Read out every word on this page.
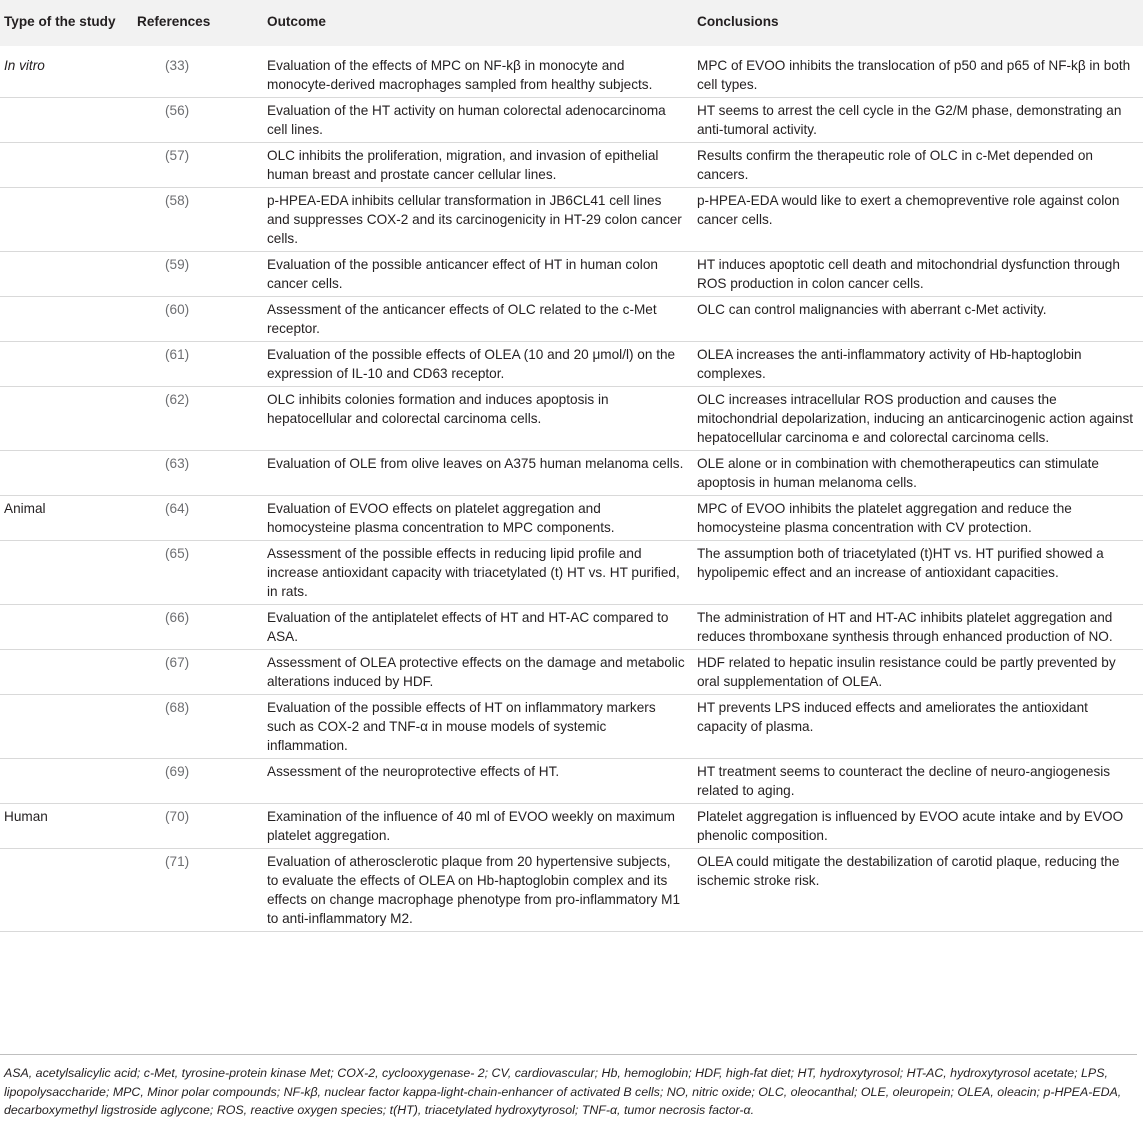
Type of the study	References	Outcome	Conclusions
In vitro	(33)	Evaluation of the effects of MPC on NF-kβ in monocyte and monocyte-derived macrophages sampled from healthy subjects.	MPC of EVOO inhibits the translocation of p50 and p65 of NF-kβ in both cell types.
	(56)	Evaluation of the HT activity on human colorectal adenocarcinoma cell lines.	HT seems to arrest the cell cycle in the G2/M phase, demonstrating an anti-tumoral activity.
	(57)	OLC inhibits the proliferation, migration, and invasion of epithelial human breast and prostate cancer cellular lines.	Results confirm the therapeutic role of OLC in c-Met depended on cancers.
	(58)	p-HPEA-EDA inhibits cellular transformation in JB6CL41 cell lines and suppresses COX-2 and its carcinogenicity in HT-29 colon cancer cells.	p-HPEA-EDA would like to exert a chemopreventive role against colon cancer cells.
	(59)	Evaluation of the possible anticancer effect of HT in human colon cancer cells.	HT induces apoptotic cell death and mitochondrial dysfunction through ROS production in colon cancer cells.
	(60)	Assessment of the anticancer effects of OLC related to the c-Met receptor.	OLC can control malignancies with aberrant c-Met activity.
	(61)	Evaluation of the possible effects of OLEA (10 and 20 μmol/l) on the expression of IL-10 and CD63 receptor.	OLEA increases the anti-inflammatory activity of Hb-haptoglobin complexes.
	(62)	OLC inhibits colonies formation and induces apoptosis in hepatocellular and colorectal carcinoma cells.	OLC increases intracellular ROS production and causes the mitochondrial depolarization, inducing an anticarcinogenic action against hepatocellular carcinoma e and colorectal carcinoma cells.
	(63)	Evaluation of OLE from olive leaves on A375 human melanoma cells.	OLE alone or in combination with chemotherapeutics can stimulate apoptosis in human melanoma cells.
Animal	(64)	Evaluation of EVOO effects on platelet aggregation and homocysteine plasma concentration to MPC components.	MPC of EVOO inhibits the platelet aggregation and reduce the homocysteine plasma concentration with CV protection.
	(65)	Assessment of the possible effects in reducing lipid profile and increase antioxidant capacity with triacetylated (t) HT vs. HT purified, in rats.	The assumption both of triacetylated (t)HT vs. HT purified showed a hypolipemic effect and an increase of antioxidant capacities.
	(66)	Evaluation of the antiplatelet effects of HT and HT-AC compared to ASA.	The administration of HT and HT-AC inhibits platelet aggregation and reduces thromboxane synthesis through enhanced production of NO.
	(67)	Assessment of OLEA protective effects on the damage and metabolic alterations induced by HDF.	HDF related to hepatic insulin resistance could be partly prevented by oral supplementation of OLEA.
	(68)	Evaluation of the possible effects of HT on inflammatory markers such as COX-2 and TNF-α in mouse models of systemic inflammation.	HT prevents LPS induced effects and ameliorates the antioxidant capacity of plasma.
	(69)	Assessment of the neuroprotective effects of HT.	HT treatment seems to counteract the decline of neuro-angiogenesis related to aging.
Human	(70)	Examination of the influence of 40 ml of EVOO weekly on maximum platelet aggregation.	Platelet aggregation is influenced by EVOO acute intake and by EVOO phenolic composition.
	(71)	Evaluation of atherosclerotic plaque from 20 hypertensive subjects, to evaluate the effects of OLEA on Hb-haptoglobin complex and its effects on change macrophage phenotype from pro-inflammatory M1 to anti-inflammatory M2.	OLEA could mitigate the destabilization of carotid plaque, reducing the ischemic stroke risk.
ASA, acetylsalicylic acid; c-Met, tyrosine-protein kinase Met; COX-2, cyclooxygenase- 2; CV, cardiovascular; Hb, hemoglobin; HDF, high-fat diet; HT, hydroxytyrosol; HT-AC, hydroxytyrosol acetate; LPS, lipopolysaccharide; MPC, Minor polar compounds; NF-kβ, nuclear factor kappa-light-chain-enhancer of activated B cells; NO, nitric oxide; OLC, oleocanthal; OLE, oleuropein; OLEA, oleacin; p-HPEA-EDA, decarboxymethyl ligstroside aglycone; ROS, reactive oxygen species; t(HT), triacetylated hydroxytyrosol; TNF-α, tumor necrosis factor-α.
